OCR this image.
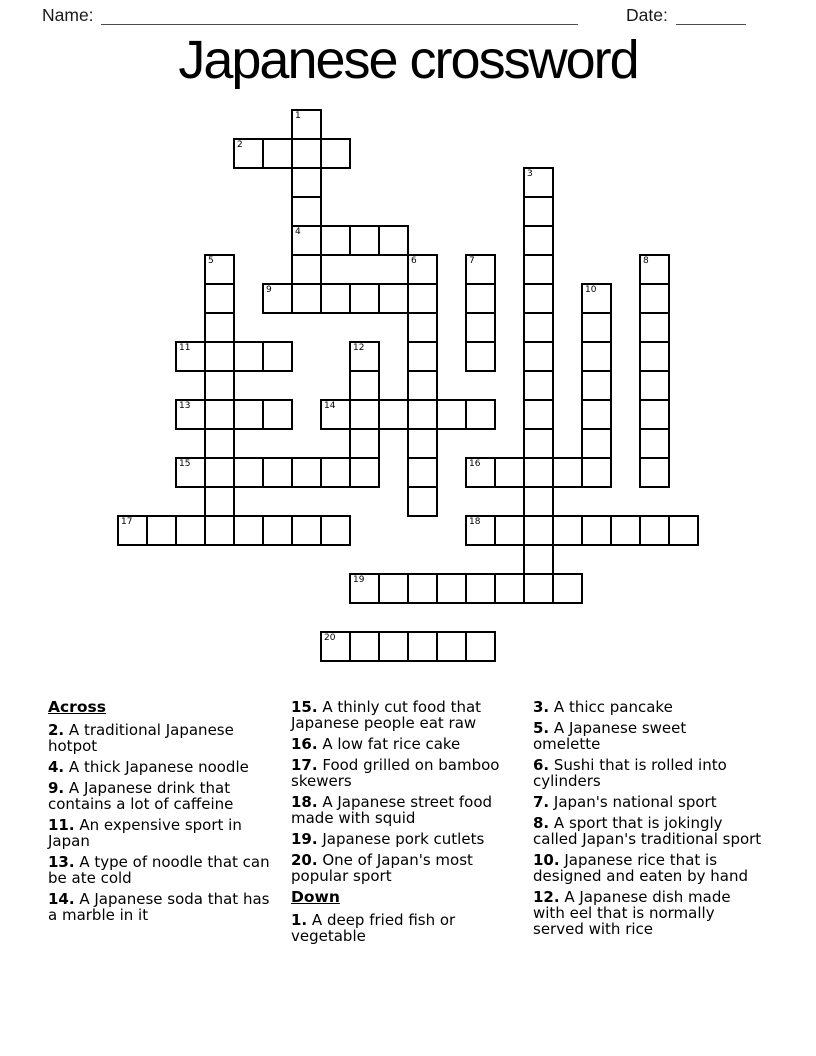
Name:	Date:
Japanese crossword
1
2
3
4
5	6	7	8
9	10
11	12
13	14
15	16
17	18
19
20
Across
2. A traditional Japanese
hotpot
4. A thick Japanese noodle
9. A Japanese drink that
contains a lot of caffeine
11. An expensive sport in
Japan
13. A type of noodle that can
be ate cold
14. A Japanese soda that has
a marble in it
15. A thinly cut food that
Japanese people eat raw
16. A low fat rice cake
17. Food grilled on bamboo
skewers
18. A Japanese street food
made with squid
19. Japanese pork cutlets
20. One of Japan's most
popular sport
Down
1. A deep fried fish or
vegetable
3. A thicc pancake
5. A Japanese sweet
omelette
6. Sushi that is rolled into
cylinders
7. Japan's national sport
8. A sport that is jokingly
called Japan's traditional sport
10. Japanese rice that is
designed and eaten by hand
12. A Japanese dish made
with eel that is normally
served with rice
